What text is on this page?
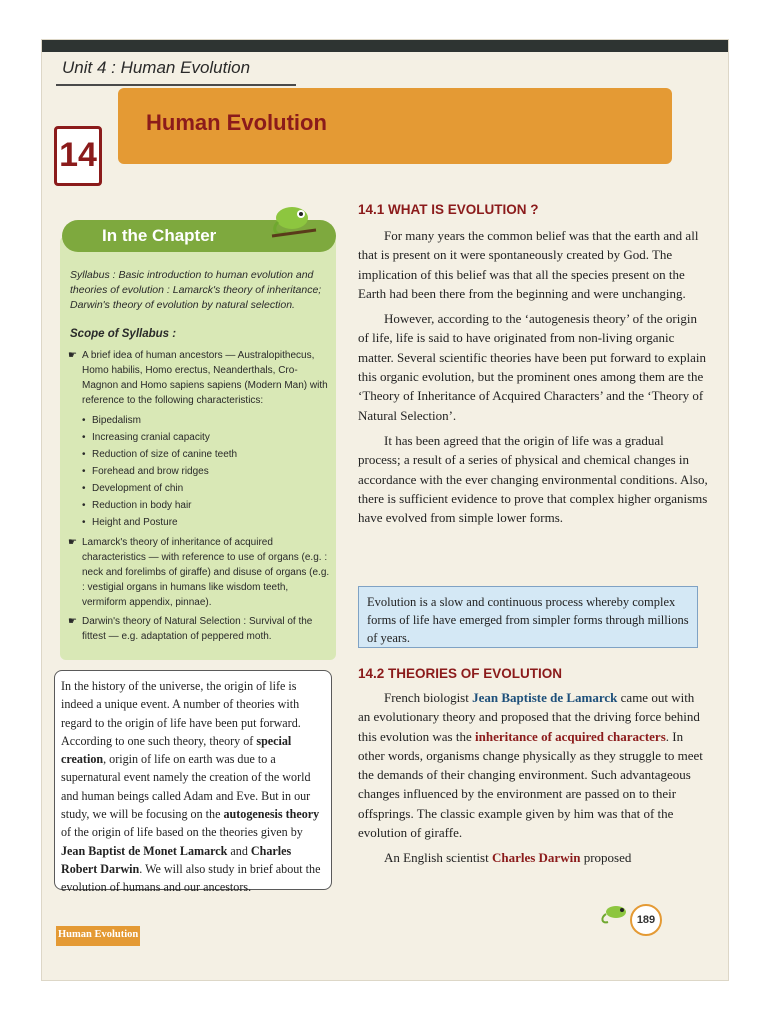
Unit 4 : Human Evolution
14
Human Evolution
In the Chapter
Syllabus : Basic introduction to human evolution and theories of evolution : Lamarck's theory of inheritance; Darwin's theory of evolution by natural selection.
Scope of Syllabus :
☛ A brief idea of human ancestors — Australopithecus, Homo habilis, Homo erectus, Neanderthals, Cro-Magnon and Homo sapiens sapiens (Modern Man) with reference to the following characteristics:
• Bipedalism
• Increasing cranial capacity
• Reduction of size of canine teeth
• Forehead and brow ridges
• Development of chin
• Reduction in body hair
• Height and Posture
☛ Lamarck's theory of inheritance of acquired characteristics — with reference to use of organs (e.g. : neck and forelimbs of giraffe) and disuse of organs (e.g. : vestigial organs in humans like wisdom teeth, vermiform appendix, pinnae).
☛ Darwin's theory of Natural Selection : Survival of the fittest — e.g. adaptation of peppered moth.
In the history of the universe, the origin of life is indeed a unique event. A number of theories with regard to the origin of life have been put forward. According to one such theory, theory of special creation, origin of life on earth was due to a supernatural event namely the creation of the world and human beings called Adam and Eve. But in our study, we will be focusing on the autogenesis theory of the origin of life based on the theories given by Jean Baptist de Monet Lamarck and Charles Robert Darwin. We will also study in brief about the evolution of humans and our ancestors.
14.1 WHAT IS EVOLUTION ?

For many years the common belief was that the earth and all that is present on it were spontaneously created by God. The implication of this belief was that all the species present on the Earth had been there from the beginning and were unchanging.

However, according to the ‘autogenesis theory’ of the origin of life, life is said to have originated from non-living organic matter. Several scientific theories have been put forward to explain this organic evolution, but the prominent ones among them are the ‘Theory of Inheritance of Acquired Characters’ and the ‘Theory of Natural Selection’.

It has been agreed that the origin of life was a gradual process; a result of a series of physical and chemical changes in accordance with the ever changing environmental conditions. Also, there is sufficient evidence to prove that complex higher organisms have evolved from simple lower forms.

Evolution is a slow and continuous process whereby complex forms of life have emerged from simpler forms through millions of years.
14.2 THEORIES OF EVOLUTION

French biologist Jean Baptiste de Lamarck came out with an evolutionary theory and proposed that the driving force behind this evolution was the inheritance of acquired characters. In other words, organisms change physically as they struggle to meet the demands of their changing environment. Such advantageous changes influenced by the environment are passed on to their offsprings. The classic example given by him was that of the evolution of giraffe.

An English scientist Charles Darwin proposed

Human Evolution
189
